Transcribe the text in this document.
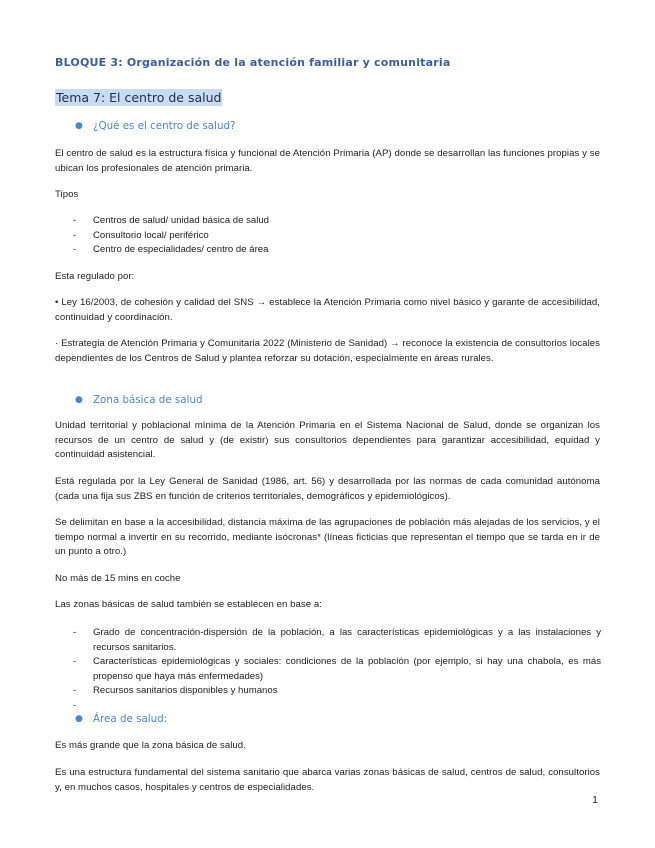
BLOQUE 3: Organización de la atención familiar y comunitaria
Tema 7: El centro de salud
● ¿Qué es el centro de salud?
El centro de salud es la estructura física y funcional de Atención Primaria (AP) donde se desarrollan las funciones propias y se ubican los profesionales de atención primaria.
Tipos
- Centros de salud/ unidad básica de salud
- Consultorio local/ periférico
- Centro de especialidades/ centro de área
Esta regulado por:
• Ley 16/2003, de cohesión y calidad del SNS → establece la Atención Primaria como nivel básico y garante de accesibilidad, continuidad y coordinación.
· Estrategia de Atención Primaria y Comunitaria 2022 (Ministerio de Sanidad) → reconoce la existencia de consultorios locales dependientes de los Centros de Salud y plantea reforzar su dotación, especialmente en áreas rurales.
● Zona básica de salud
Unidad territorial y poblacional mínima de la Atención Primaria en el Sistema Nacional de Salud, donde se organizan los recursos de un centro de salud y (de existir) sus consultorios dependientes para garantizar accesibilidad, equidad y continuidad asistencial.
Está regulada por la Ley General de Sanidad (1986, art. 56) y desarrollada por las normas de cada comunidad autónoma (cada una fija sus ZBS en función de criterios territoriales, demográficos y epidemiológicos).
Se delimitan en base a la accesibilidad, distancia máxima de las agrupaciones de población más alejadas de los servicios, y el tiempo normal a invertir en su recorrido, mediante isócronas* (líneas ficticias que representan el tiempo que se tarda en ir de un punto a otro.)
No más de 15 mins en coche
Las zonas básicas de salud también se establecen en base a:
- Grado de concentración-dispersión de la población, a las características epidemiológicas y a las instalaciones y recursos sanitarios.
- Características epidemiológicas y sociales: condiciones de la población (por ejemplo, si hay una chabola, es más propenso que haya más enfermedades)
- Recursos sanitarios disponibles y humanos
-
● Área de salud:
Es más grande que la zona básica de salud.
Es una estructura fundamental del sistema sanitario que abarca varias zonas básicas de salud, centros de salud, consultorios y, en muchos casos, hospitales y centros de especialidades.
1
